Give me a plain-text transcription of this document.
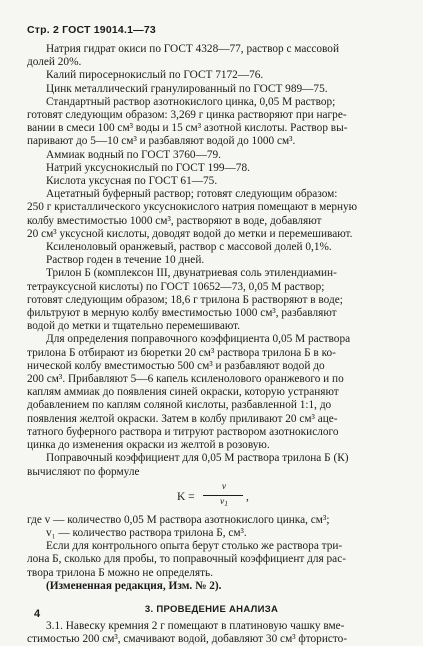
Стр. 2 ГОСТ 19014.1—73

Натрия гидрат окиси по ГОСТ 4328—77, раствор с массовой

долей 20%.

Калий пиросернокислый по ГОСТ 7172—76.

Цинк металлический гранулированный по ГОСТ 989—75.

Стандартный раствор азотнокислого цинка, 0,05 М раствор;

готовят следующим образом: 3,269 г цинка растворяют при нагре-

вании в смеси 100 см³ воды и 15 см³ азотной кислоты. Раствор вы-

паривают до 5—10 см³ и разбавляют водой до 1000 см³.

Аммиак водный по ГОСТ 3760—79.

Натрий уксуснокислый по ГОСТ 199—78.

Кислота уксусная по ГОСТ 61—75.

Ацетатный буферный раствор; готовят следующим образом:

250 г кристаллического уксуснокислого натрия помещают в мерную

колбу вместимостью 1000 см³, растворяют в воде, добавляют

20 см³ уксусной кислоты, доводят водой до метки и перемешивают.

Ксиленоловый оранжевый, раствор с массовой долей 0,1%.

Раствор годен в течение 10 дней.

Трилон Б (комплексон III, двунатриевая соль этилендиамин-

тетрауксусной кислоты) по ГОСТ 10652—73, 0,05 М раствор;

готовят следующим образом; 18,6 г трилона Б растворяют в воде;

фильтруют в мерную колбу вместимостью 1000 см³, разбавляют

водой до метки и тщательно перемешивают.

Для определения поправочного коэффициента 0,05 М раствора

трилона Б отбирают из бюретки 20 см³ раствора трилона Б в ко-

нической колбу вместимостью 500 см³ и разбавляют водой до

200 см³. Прибавляют 5—6 капель ксиленолового оранжевого и по

каплям аммиак до появления синей окраски, которую устраняют

добавлением по каплям соляной кислоты, разбавленной 1:1, до

появления желтой окраски. Затем в колбу приливают 20 см³ аце-

татного буферного раствора и титруют раствором азотнокислого

цинка до изменения окраски из желтой в розовую.

Поправочный коэффициент для 0,05 М раствора трилона Б (К)

вычисляют по формуле

K =
v
$v_1$
,

где v — количество 0,05 М раствора азотнокислого цинка, см³;

v₁ — количество раствора трилона Б, см³.

Если для контрольного опыта берут столько же раствора три-

лона Б, сколько для пробы, то поправочный коэффициент для рас-

твора трилона Б можно не определять.

(Измененная редакция, Изм. № 2).

3. ПРОВЕДЕНИЕ АНАЛИЗА

3.1. Навеску кремния 2 г помещают в платиновую чашку вме-

стимостью 200 см³, смачивают водой, добавляют 30 см³ фтористо-

4
